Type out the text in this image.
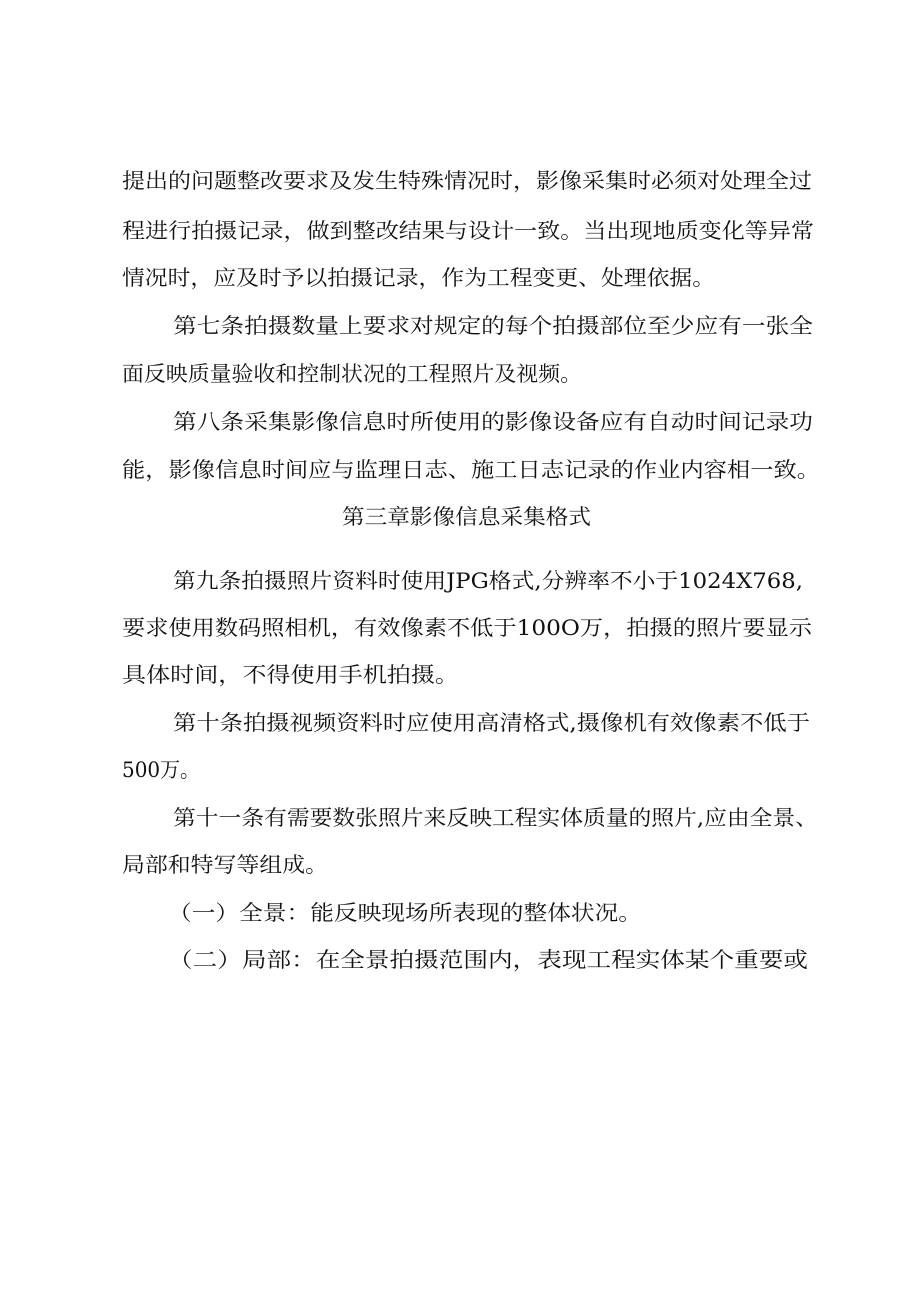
提出的问题整改要求及发生特殊情况时，影像采集时必须对处理全过
程进行拍摄记录，做到整改结果与设计一致。当出现地质变化等异常
情况时，应及时予以拍摄记录，作为工程变更、处理依据。
第七条拍摄数量上要求对规定的每个拍摄部位至少应有一张全
面反映质量验收和控制状况的工程照片及视频。
第八条采集影像信息时所使用的影像设备应有自动时间记录功
能，影像信息时间应与监理日志、施工日志记录的作业内容相一致。
第三章影像信息采集格式
第九条拍摄照片资料时使用JPG格式,分辨率不小于1024X768,
要求使用数码照相机，有效像素不低于100O万，拍摄的照片要显示
具体时间，不得使用手机拍摄。
第十条拍摄视频资料时应使用高清格式,摄像机有效像素不低于
500万。
第十一条有需要数张照片来反映工程实体质量的照片,应由全景、
局部和特写等组成。
（一）全景：能反映现场所表现的整体状况。
（二）局部：在全景拍摄范围内，表现工程实体某个重要或
